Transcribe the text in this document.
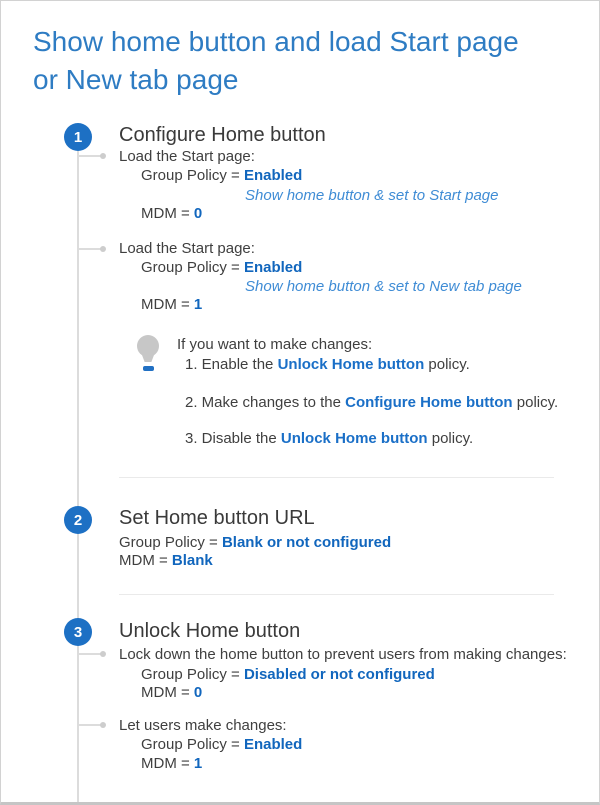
Show home button and load Start page
or New tab page
1 Configure Home button
Load the Start page:
Group Policy = Enabled
Show home button & set to Start page
MDM = 0
Load the Start page:
Group Policy = Enabled
Show home button & set to New tab page
MDM = 1
If you want to make changes:
1. Enable the Unlock Home button policy.
2. Make changes to the Configure Home button policy.
3. Disable the Unlock Home button policy.
2 Set Home button URL
Group Policy = Blank or not configured
MDM = Blank
3 Unlock Home button
Lock down the home button to prevent users from making changes:
Group Policy = Disabled or not configured
MDM = 0
Let users make changes:
Group Policy = Enabled
MDM = 1
